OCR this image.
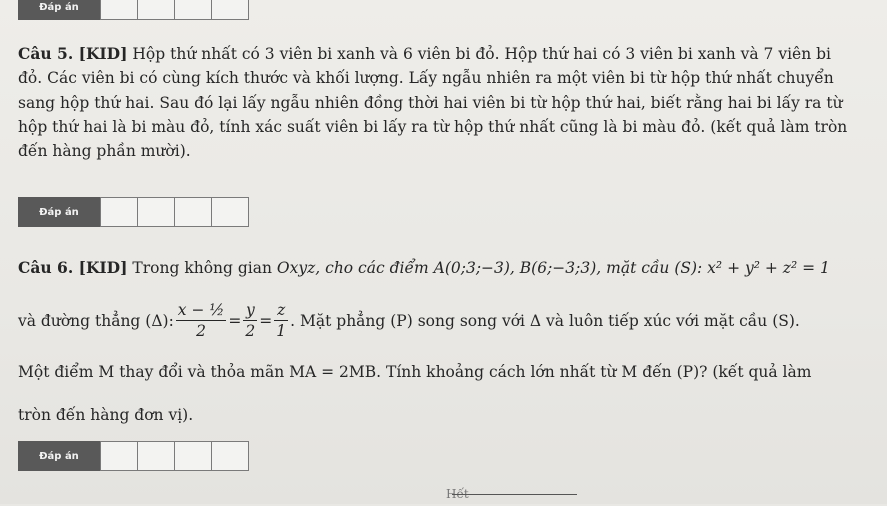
Đáp án
Câu 5. [KID] Hộp thứ nhất có 3 viên bi xanh và 6 viên bi đỏ. Hộp thứ hai có 3 viên bi xanh và 7 viên bi
đỏ. Các viên bi có cùng kích thước và khối lượng. Lấy ngẫu nhiên ra một viên bi từ hộp thứ nhất chuyển
sang hộp thứ hai. Sau đó lại lấy ngẫu nhiên đồng thời hai viên bi từ hộp thứ hai, biết rằng hai bi lấy ra từ
hộp thứ hai là bi màu đỏ, tính xác suất viên bi lấy ra từ hộp thứ nhất cũng là bi màu đỏ. (kết quả làm tròn
đến hàng phần mười).
Đáp án
Câu 6. [KID] Trong không gian Oxyz, cho các điểm A(0;3;−3), B(6;−3;3), mặt cầu (S): x² + y² + z² = 1
và đường thẳng (Δ): $\frac{\text{x − ½}}{2} = \frac{y}{2} = \frac{z}{1}$ . Mặt phẳng (P) song song với Δ và luôn tiếp xúc với mặt cầu (S).
Một điểm M thay đổi và thỏa mãn MA = 2MB. Tính khoảng cách lớn nhất từ M đến (P)? (kết quả làm
tròn đến hàng đơn vị).
Đáp án
Hết
